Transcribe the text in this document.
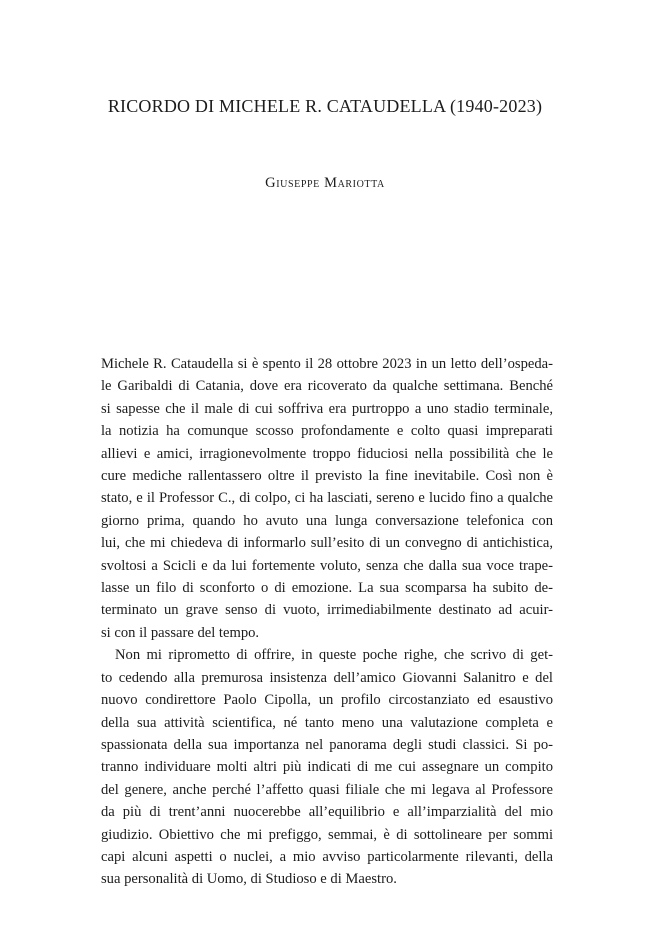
RICORDO DI MICHELE R. CATAUDELLA (1940-2023)
Giuseppe Mariotta

Michele R. Cataudella si è spento il 28 ottobre 2023 in un letto dell’ospeda-
le Garibaldi di Catania, dove era ricoverato da qualche settimana. Benché
si sapesse che il male di cui soffriva era purtroppo a uno stadio terminale,
la notizia ha comunque scosso profondamente e colto quasi impreparati
allievi e amici, irragionevolmente troppo fiduciosi nella possibilità che le
cure mediche rallentassero oltre il previsto la fine inevitabile. Così non è
stato, e il Professor C., di colpo, ci ha lasciati, sereno e lucido fino a qualche
giorno prima, quando ho avuto una lunga conversazione telefonica con
lui, che mi chiedeva di informarlo sull’esito di un convegno di antichistica,
svoltosi a Scicli e da lui fortemente voluto, senza che dalla sua voce trape-
lasse un filo di sconforto o di emozione. La sua scomparsa ha subito de-
terminato un grave senso di vuoto, irrimediabilmente destinato ad acuir-
si con il passare del tempo.

Non mi riprometto di offrire, in queste poche righe, che scrivo di get-
to cedendo alla premurosa insistenza dell’amico Giovanni Salanitro e del
nuovo condirettore Paolo Cipolla, un profilo circostanziato ed esaustivo
della sua attività scientifica, né tanto meno una valutazione completa e
spassionata della sua importanza nel panorama degli studi classici. Si po-
tranno individuare molti altri più indicati di me cui assegnare un compito
del genere, anche perché l’affetto quasi filiale che mi legava al Professore
da più di trent’anni nuocerebbe all’equilibrio e all’imparzialità del mio
giudizio. Obiettivo che mi prefiggo, semmai, è di sottolineare per sommi
capi alcuni aspetti o nuclei, a mio avviso particolarmente rilevanti, della
sua personalità di Uomo, di Studioso e di Maestro.
